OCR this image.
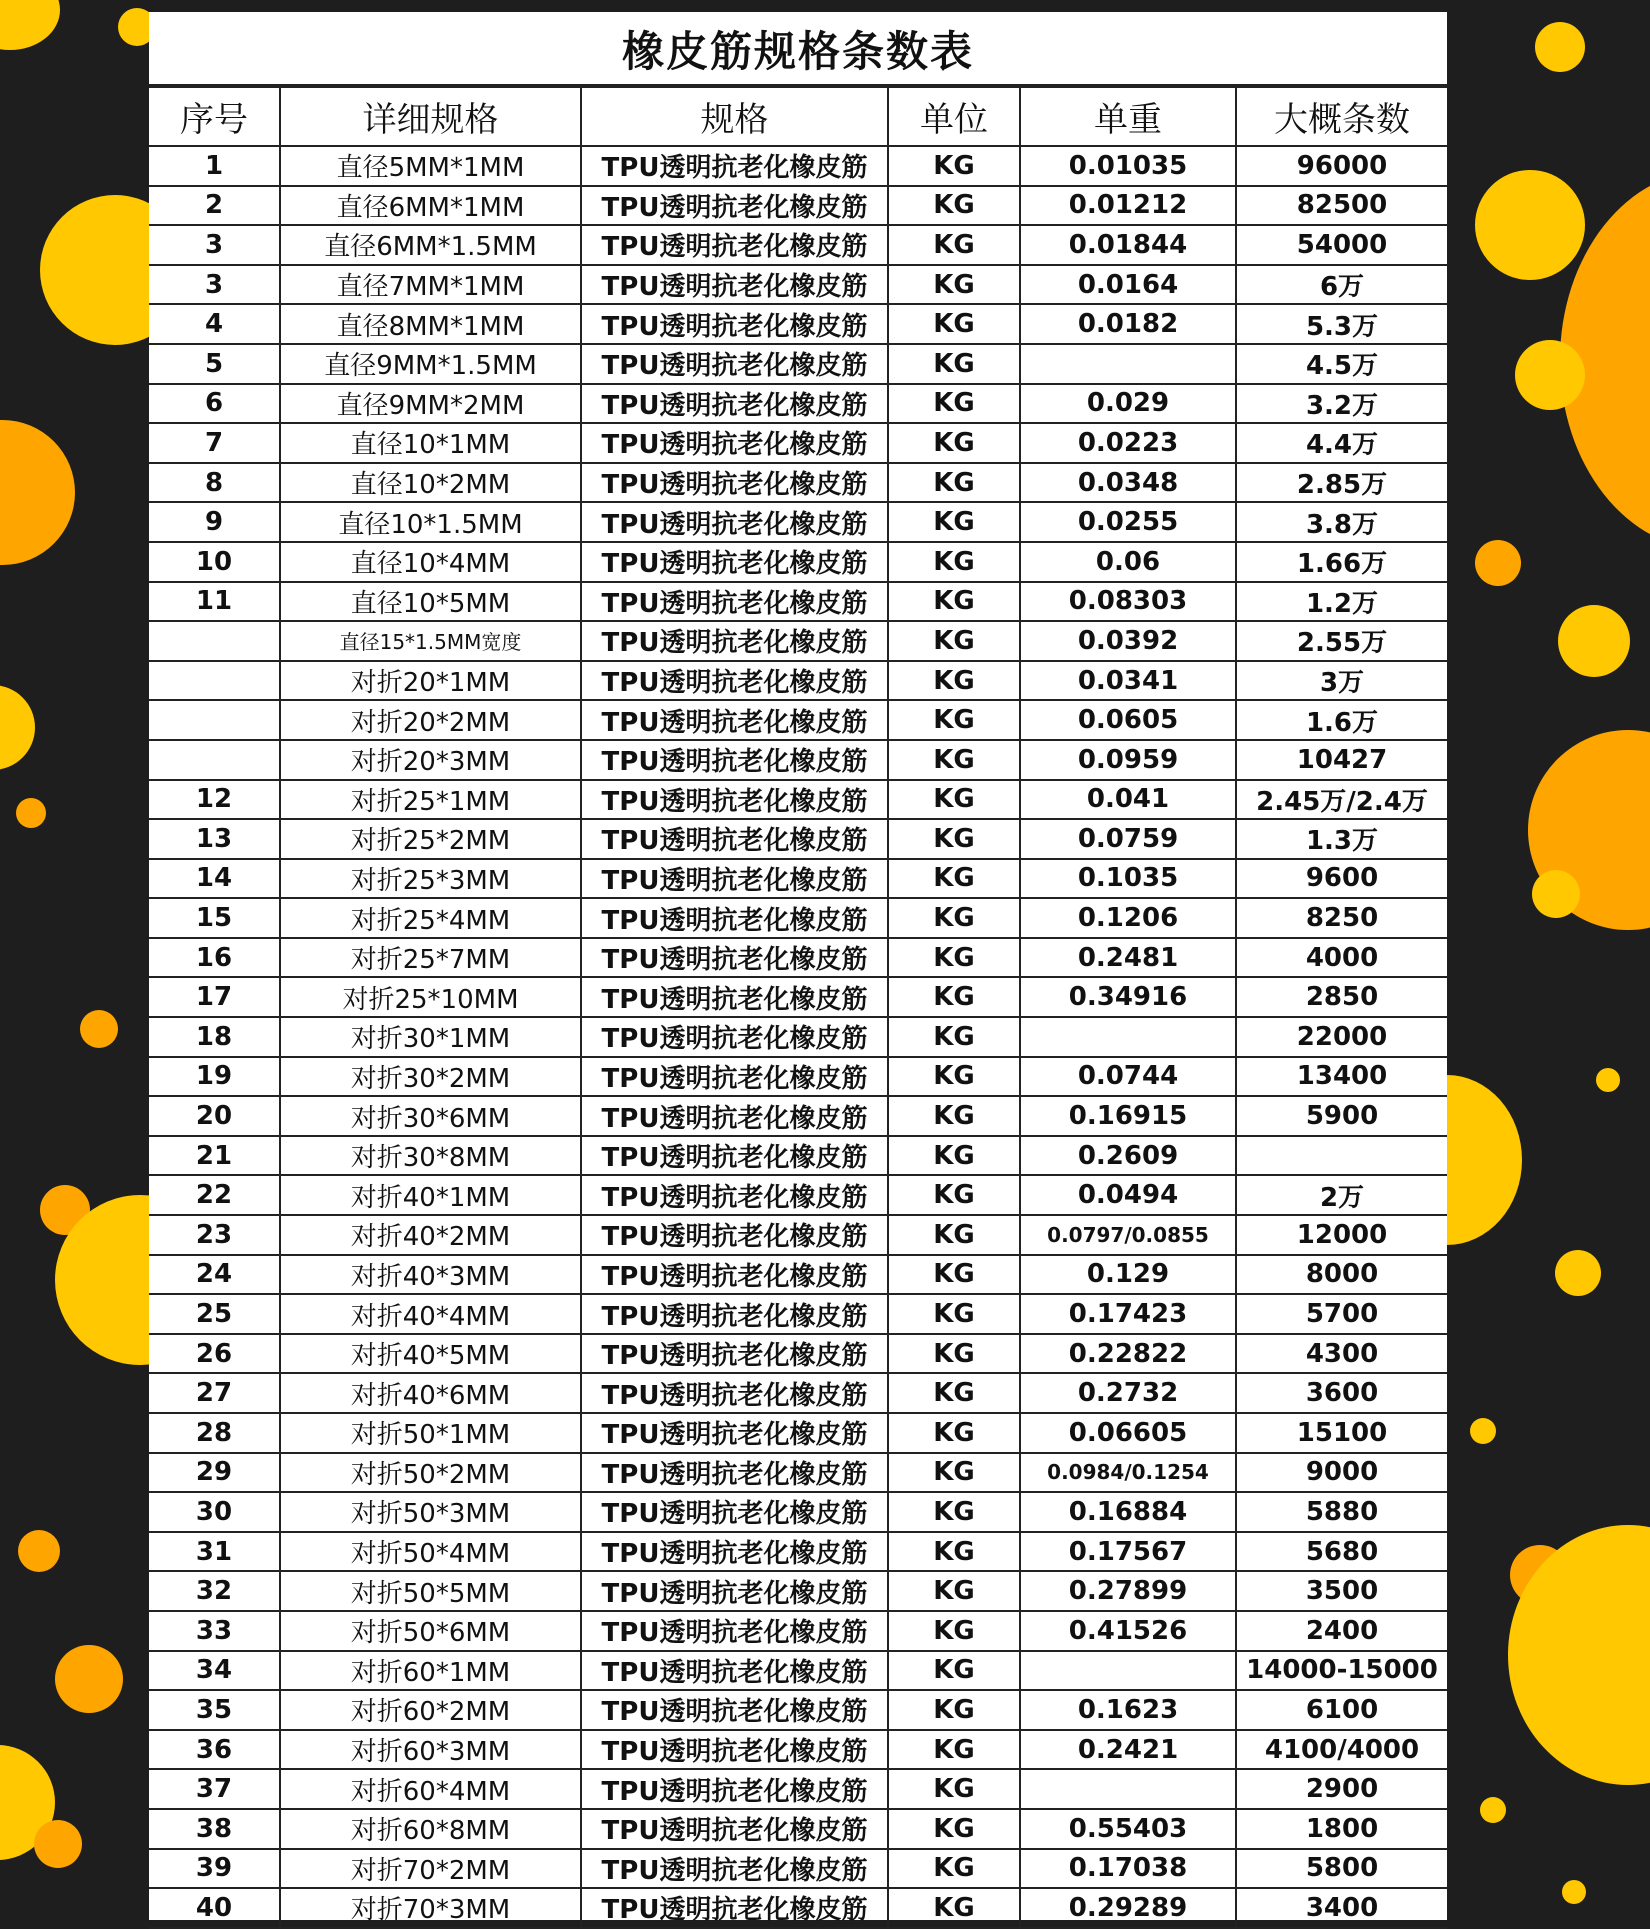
橡皮筋规格条数表
序号	详细规格	规格	单位	单重	大概条数
1	直径5MM*1MM	TPU透明抗老化橡皮筋	KG	0.01035	96000
2	直径6MM*1MM	TPU透明抗老化橡皮筋	KG	0.01212	82500
3	直径6MM*1.5MM	TPU透明抗老化橡皮筋	KG	0.01844	54000
3	直径7MM*1MM	TPU透明抗老化橡皮筋	KG	0.0164	6万
4	直径8MM*1MM	TPU透明抗老化橡皮筋	KG	0.0182	5.3万
5	直径9MM*1.5MM	TPU透明抗老化橡皮筋	KG		4.5万
6	直径9MM*2MM	TPU透明抗老化橡皮筋	KG	0.029	3.2万
7	直径10*1MM	TPU透明抗老化橡皮筋	KG	0.0223	4.4万
8	直径10*2MM	TPU透明抗老化橡皮筋	KG	0.0348	2.85万
9	直径10*1.5MM	TPU透明抗老化橡皮筋	KG	0.0255	3.8万
10	直径10*4MM	TPU透明抗老化橡皮筋	KG	0.06	1.66万
11	直径10*5MM	TPU透明抗老化橡皮筋	KG	0.08303	1.2万
	直径15*1.5MM宽度	TPU透明抗老化橡皮筋	KG	0.0392	2.55万
	对折20*1MM	TPU透明抗老化橡皮筋	KG	0.0341	3万
	对折20*2MM	TPU透明抗老化橡皮筋	KG	0.0605	1.6万
	对折20*3MM	TPU透明抗老化橡皮筋	KG	0.0959	10427
12	对折25*1MM	TPU透明抗老化橡皮筋	KG	0.041	2.45万/2.4万
13	对折25*2MM	TPU透明抗老化橡皮筋	KG	0.0759	1.3万
14	对折25*3MM	TPU透明抗老化橡皮筋	KG	0.1035	9600
15	对折25*4MM	TPU透明抗老化橡皮筋	KG	0.1206	8250
16	对折25*7MM	TPU透明抗老化橡皮筋	KG	0.2481	4000
17	对折25*10MM	TPU透明抗老化橡皮筋	KG	0.34916	2850
18	对折30*1MM	TPU透明抗老化橡皮筋	KG		22000
19	对折30*2MM	TPU透明抗老化橡皮筋	KG	0.0744	13400
20	对折30*6MM	TPU透明抗老化橡皮筋	KG	0.16915	5900
21	对折30*8MM	TPU透明抗老化橡皮筋	KG	0.2609	
22	对折40*1MM	TPU透明抗老化橡皮筋	KG	0.0494	2万
23	对折40*2MM	TPU透明抗老化橡皮筋	KG	0.0797/0.0855	12000
24	对折40*3MM	TPU透明抗老化橡皮筋	KG	0.129	8000
25	对折40*4MM	TPU透明抗老化橡皮筋	KG	0.17423	5700
26	对折40*5MM	TPU透明抗老化橡皮筋	KG	0.22822	4300
27	对折40*6MM	TPU透明抗老化橡皮筋	KG	0.2732	3600
28	对折50*1MM	TPU透明抗老化橡皮筋	KG	0.06605	15100
29	对折50*2MM	TPU透明抗老化橡皮筋	KG	0.0984/0.1254	9000
30	对折50*3MM	TPU透明抗老化橡皮筋	KG	0.16884	5880
31	对折50*4MM	TPU透明抗老化橡皮筋	KG	0.17567	5680
32	对折50*5MM	TPU透明抗老化橡皮筋	KG	0.27899	3500
33	对折50*6MM	TPU透明抗老化橡皮筋	KG	0.41526	2400
34	对折60*1MM	TPU透明抗老化橡皮筋	KG		14000-15000
35	对折60*2MM	TPU透明抗老化橡皮筋	KG	0.1623	6100
36	对折60*3MM	TPU透明抗老化橡皮筋	KG	0.2421	4100/4000
37	对折60*4MM	TPU透明抗老化橡皮筋	KG		2900
38	对折60*8MM	TPU透明抗老化橡皮筋	KG	0.55403	1800
39	对折70*2MM	TPU透明抗老化橡皮筋	KG	0.17038	5800
40	对折70*3MM	TPU透明抗老化橡皮筋	KG	0.29289	3400
